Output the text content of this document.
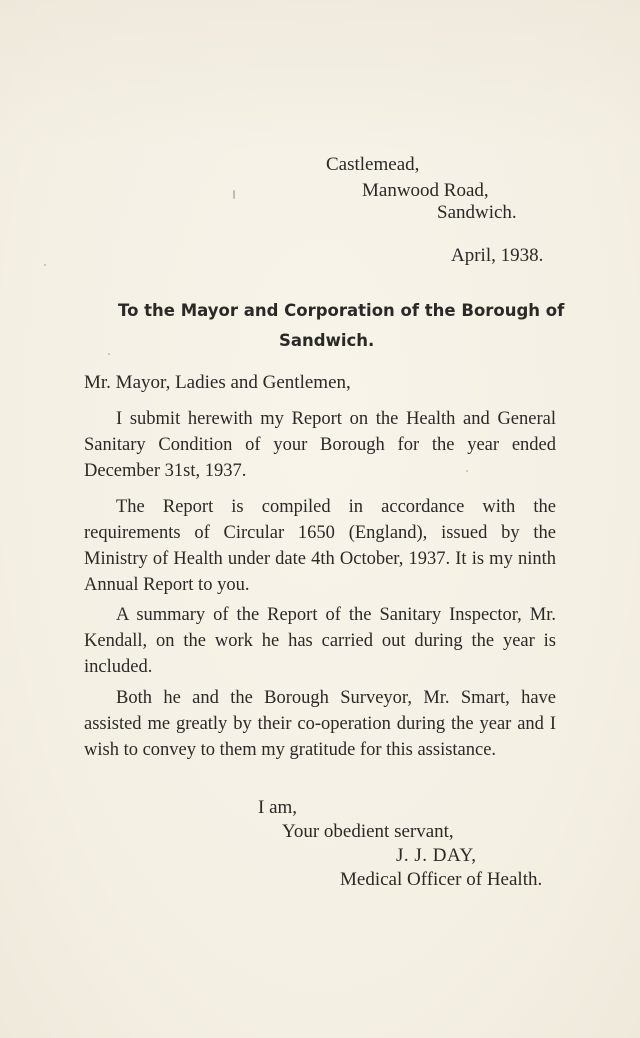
Castlemead,
Manwood Road,
Sandwich.
April, 1938.
To the Mayor and Corporation of the Borough of
Sandwich.
Mr. Mayor, Ladies and Gentlemen,

I submit herewith my Report on the Health and General Sanitary Condition of your Borough for the year ended December 31st, 1937.

The Report is compiled in accordance with the requirements of Circular 1650 (England), issued by the Ministry of Health under date 4th October, 1937. It is my ninth Annual Report to you.

A summary of the Report of the Sanitary Inspector, Mr. Kendall, on the work he has carried out during the year is included.

Both he and the Borough Surveyor, Mr. Smart, have assisted me greatly by their co-operation during the year and I wish to convey to them my gratitude for this assistance.

I am,
Your obedient servant,
J. J. DAY,
Medical Officer of Health.
